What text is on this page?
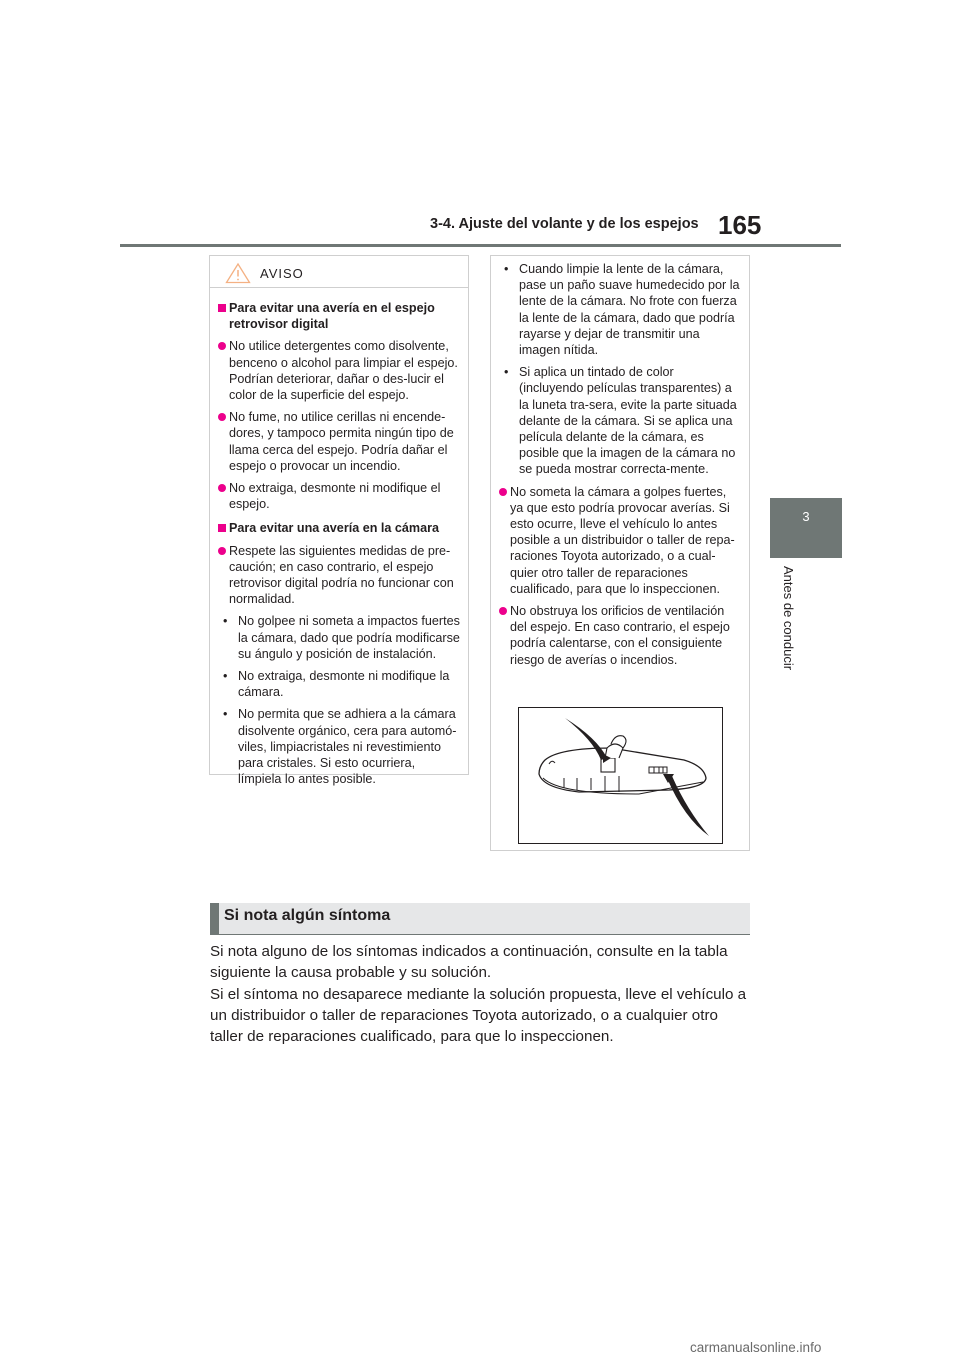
3-4. Ajuste del volante y de los espejos 165
3
Antes de conducir
AVISO
Para evitar una avería en el espejo retrovisor digital
No utilice detergentes como disolvente, benceno o alcohol para limpiar el espejo. Podrían deteriorar, dañar o des-lucir el color de la superficie del espejo.
No fume, no utilice cerillas ni encende-dores, y tampoco permita ningún tipo de llama cerca del espejo. Podría dañar el espejo o provocar un incendio.
No extraiga, desmonte ni modifique el espejo.
Para evitar una avería en la cámara
Respete las siguientes medidas de pre-caución; en caso contrario, el espejo retrovisor digital podría no funcionar con normalidad.
• No golpee ni someta a impactos fuertes la cámara, dado que podría modificarse su ángulo y posición de instalación.
• No extraiga, desmonte ni modifique la cámara.
• No permita que se adhiera a la cámara disolvente orgánico, cera para automó-viles, limpiacristales ni revestimiento para cristales. Si esto ocurriera, límpiela lo antes posible.
• Cuando limpie la lente de la cámara, pase un paño suave humedecido por la lente de la cámara. No frote con fuerza la lente de la cámara, dado que podría rayarse y dejar de transmitir una imagen nítida.
• Si aplica un tintado de color (incluyendo películas transparentes) a la luneta tra-sera, evite la parte situada delante de la cámara. Si se aplica una película delante de la cámara, es posible que la imagen de la cámara no se pueda mostrar correcta-mente.
No someta la cámara a golpes fuertes, ya que esto podría provocar averías. Si esto ocurre, lleve el vehículo lo antes posible a un distribuidor o taller de repa-raciones Toyota autorizado, o a cual-quier otro taller de reparaciones cualificado, para que lo inspeccionen.
No obstruya los orificios de ventilación del espejo. En caso contrario, el espejo podría calentarse, con el consiguiente riesgo de averías o incendios.
Si nota algún síntoma
Si nota alguno de los síntomas indicados a continuación, consulte en la tabla siguiente la causa probable y su solución.
Si el síntoma no desaparece mediante la solución propuesta, lleve el vehículo a un distribuidor o taller de reparaciones Toyota autorizado, o a cualquier otro taller de reparaciones cualificado, para que lo inspeccionen.
carmanualsonline.info
